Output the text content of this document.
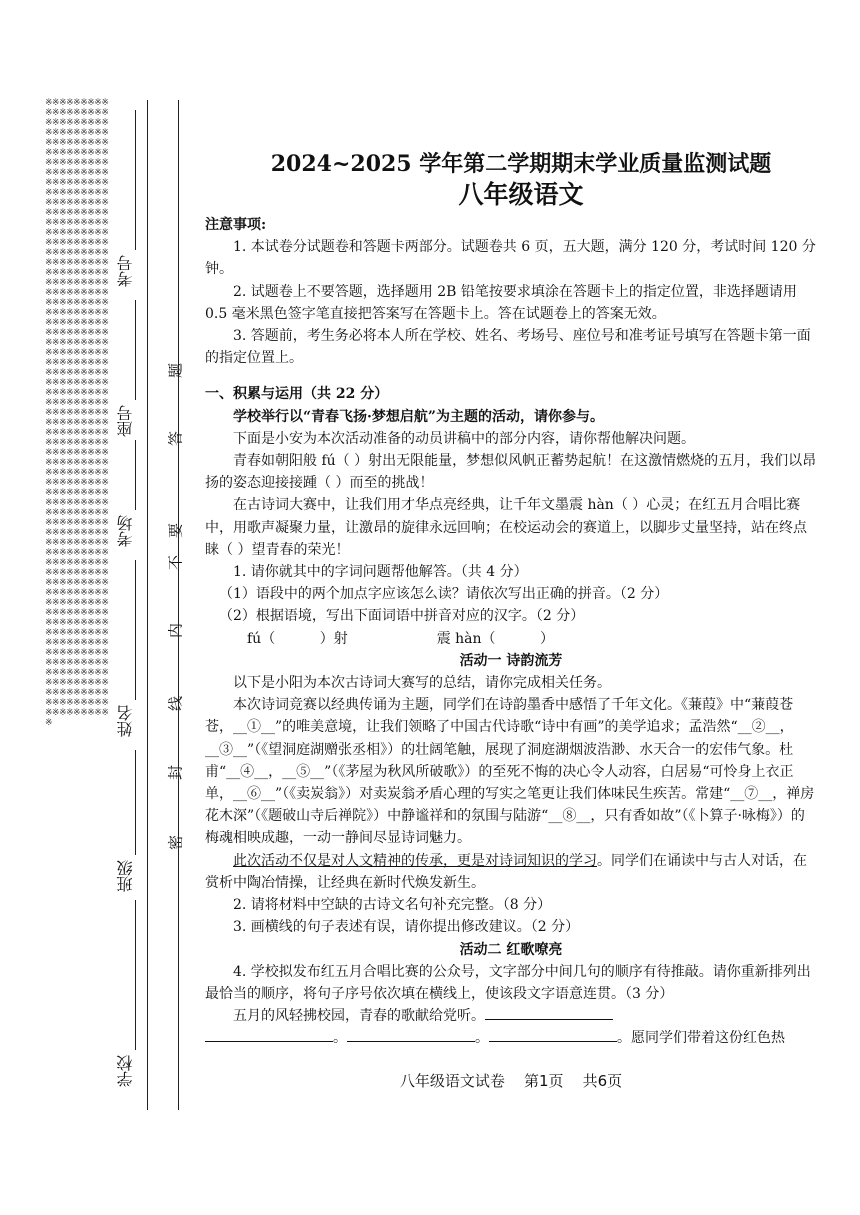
※※※※※※※※※※※※※※※※※※※※※※※※※※※※※※※※※※※※※※※※※※※※※※※※※※※※※※※※※※※※※※※※※※※※※※※※※※※※※※※※※※※※※※※※※※※※※※※※※※※※※※※※※※※※※※※※※※※※※※※※※※※※※※※※※※※※※※※※※※※※※※※※※※※※※※※※※※※※※※※※※※※※※※※※※※※※※※※※※※※※※※※※※※※※※※※※※※※※※※※※※※※※※※※※※※※※※※※※※※※※※※※※※※※※※※※※※※※※※※※※※※※※※※※※※※※※※※※※※※※※※※※※※※※※※※※※※※※※※※※※※※※※※※※※※※※※※※※※※※※※※※※※※※※※※※※※※※※※※※※※※※※※※※※※※※※※※※※※※※※※※※※※※※※※※※※※※※※※※※※※※※※※※※※※※※※※※※※※※※※※※※※※※※※※※※※※※※※※※※※※※※※※※※※※※※※※※※※※※※※※※※※※※※※※※※※※※※※※※※※※※※※※※※※※※※※※※※※※※※※※※※※※※※※※※※※※※※※※※※※※※※※※※※※※※※※※※※※※※※※※※※※※※※※※※※※※※※※※※※※※※※※※※※※※※※※※※※※※※※※※※※※※※※※※※※※※※※※※※※※
考号
座号
考场
姓名
班级
学校
题
答
要
不
内
线
封
密
2024~2025 学年第二学期期末学业质量监测试题
八年级语文

注意事项:

1. 本试卷分试题卷和答题卡两部分。试题卷共 6 页，五大题，满分 120 分，考试时间 120 分钟。

2. 试题卷上不要答题，选择题用 2B 铅笔按要求填涂在答题卡上的指定位置，非选择题请用 0.5 毫米黑色签字笔直接把答案写在答题卡上。答在试题卷上的答案无效。

3. 答题前，考生务必将本人所在学校、姓名、考场号、座位号和准考证号填写在答题卡第一面的指定位置上。

一、积累与运用（共 22 分）

学校举行以“青春飞扬·梦想启航”为主题的活动，请你参与。

下面是小安为本次活动准备的动员讲稿中的部分内容，请你帮他解决问题。

青春如朝阳般 fú（ ）射出无限能量，梦想似风帆正蓄势起航！在这激情燃烧的五月，我们以昂扬的姿态迎接接踵（ ）而至的挑战！

在古诗词大赛中，让我们用才华点亮经典，让千年文墨震 hàn（ ）心灵；在红五月合唱比赛中，用歌声凝聚力量，让激昂的旋律永远回响；在校运动会的赛道上，以脚步丈量坚持，站在终点睐（ ）望青春的荣光！

1. 请你就其中的字词问题帮他解答。（共 4 分）

（1）语段中的两个加点字应该怎么读？请依次写出正确的拼音。（2 分）

（2）根据语境，写出下面词语中拼音对应的汉字。（2 分）

fú（          ）射                    震 hàn（          ）

活动一 诗韵流芳

以下是小阳为本次古诗词大赛写的总结，请你完成相关任务。

本次诗词竞赛以经典传诵为主题，同学们在诗韵墨香中感悟了千年文化。《蒹葭》中“蒹葭苍苍，__①__”的唯美意境，让我们领略了中国古代诗歌“诗中有画”的美学追求；孟浩然“__②__，__③__”（《望洞庭湖赠张丞相》）的壮阔笔触，展现了洞庭湖烟波浩渺、水天合一的宏伟气象。杜甫“__④__，__⑤__”（《茅屋为秋风所破歌》）的至死不悔的决心令人动容，白居易“可怜身上衣正单，__⑥__”（《卖炭翁》）对卖炭翁矛盾心理的写实之笔更让我们体味民生疾苦。常建“__⑦__，禅房花木深”（《题破山寺后禅院》）中静谧祥和的氛围与陆游“__⑧__，只有香如故”（《卜算子·咏梅》）的梅魂相映成趣，一动一静间尽显诗词魅力。

此次活动不仅是对人文精神的传承，更是对诗词知识的学习。同学们在诵读中与古人对话，在赏析中陶冶情操，让经典在新时代焕发新生。

2. 请将材料中空缺的古诗文名句补充完整。（8 分）

3. 画横线的句子表述有误，请你提出修改建议。（2 分）

活动二 红歌嘹亮

4. 学校拟发布红五月合唱比赛的公众号，文字部分中间几句的顺序有待推敲。请你重新排列出最恰当的顺序，将句子序号依次填在横线上，使该段文字语意连贯。（3 分）

五月的风轻拂校园，青春的歌献给党听。

。	。	。愿同学们带着这份红色热

八年级语文试卷    第1页    共6页
